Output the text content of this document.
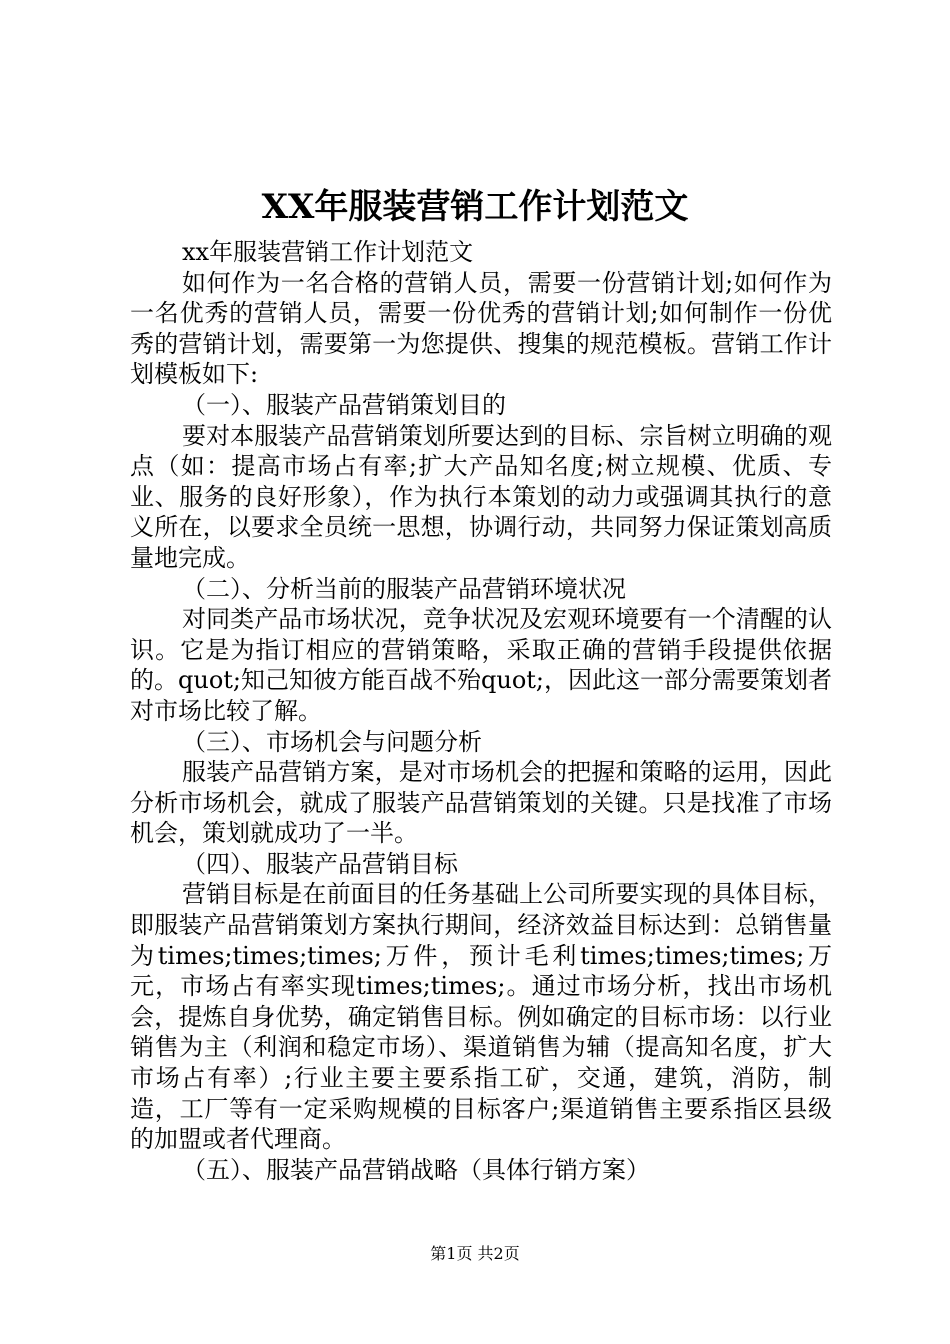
XX年服装营销工作计划范文

xx年服装营销工作计划范文

如何作为一名合格的营销人员，需要一份营销计划;如何作为一名优秀的营销人员，需要一份优秀的营销计划;如何制作一份优秀的营销计划，需要第一为您提供、搜集的规范模板。营销工作计划模板如下:

（一）、服装产品营销策划目的

要对本服装产品营销策划所要达到的目标、宗旨树立明确的观点（如：提高市场占有率;扩大产品知名度;树立规模、优质、专业、服务的良好形象），作为执行本策划的动力或强调其执行的意义所在，以要求全员统一思想，协调行动，共同努力保证策划高质量地完成。

（二）、分析当前的服装产品营销环境状况

对同类产品市场状况，竞争状况及宏观环境要有一个清醒的认识。它是为指订相应的营销策略，采取正确的营销手段提供依据的。quot;知己知彼方能百战不殆quot;，因此这一部分需要策划者对市场比较了解。

（三）、市场机会与问题分析

服装产品营销方案，是对市场机会的把握和策略的运用，因此分析市场机会，就成了服装产品营销策划的关键。只是找准了市场机会，策划就成功了一半。

（四）、服装产品营销目标

营销目标是在前面目的任务基础上公司所要实现的具体目标，即服装产品营销策划方案执行期间，经济效益目标达到：总销售量为times;times;times;万件，预计毛利times;times;times;万元，市场占有率实现times;times;。通过市场分析，找出市场机会，提炼自身优势，确定销售目标。例如确定的目标市场：以行业销售为主（利润和稳定市场）、渠道销售为辅（提高知名度，扩大市场占有率）;行业主要主要系指工矿，交通，建筑，消防，制造，工厂等有一定采购规模的目标客户;渠道销售主要系指区县级的加盟或者代理商。

（五）、服装产品营销战略（具体行销方案）

第1页 共2页
